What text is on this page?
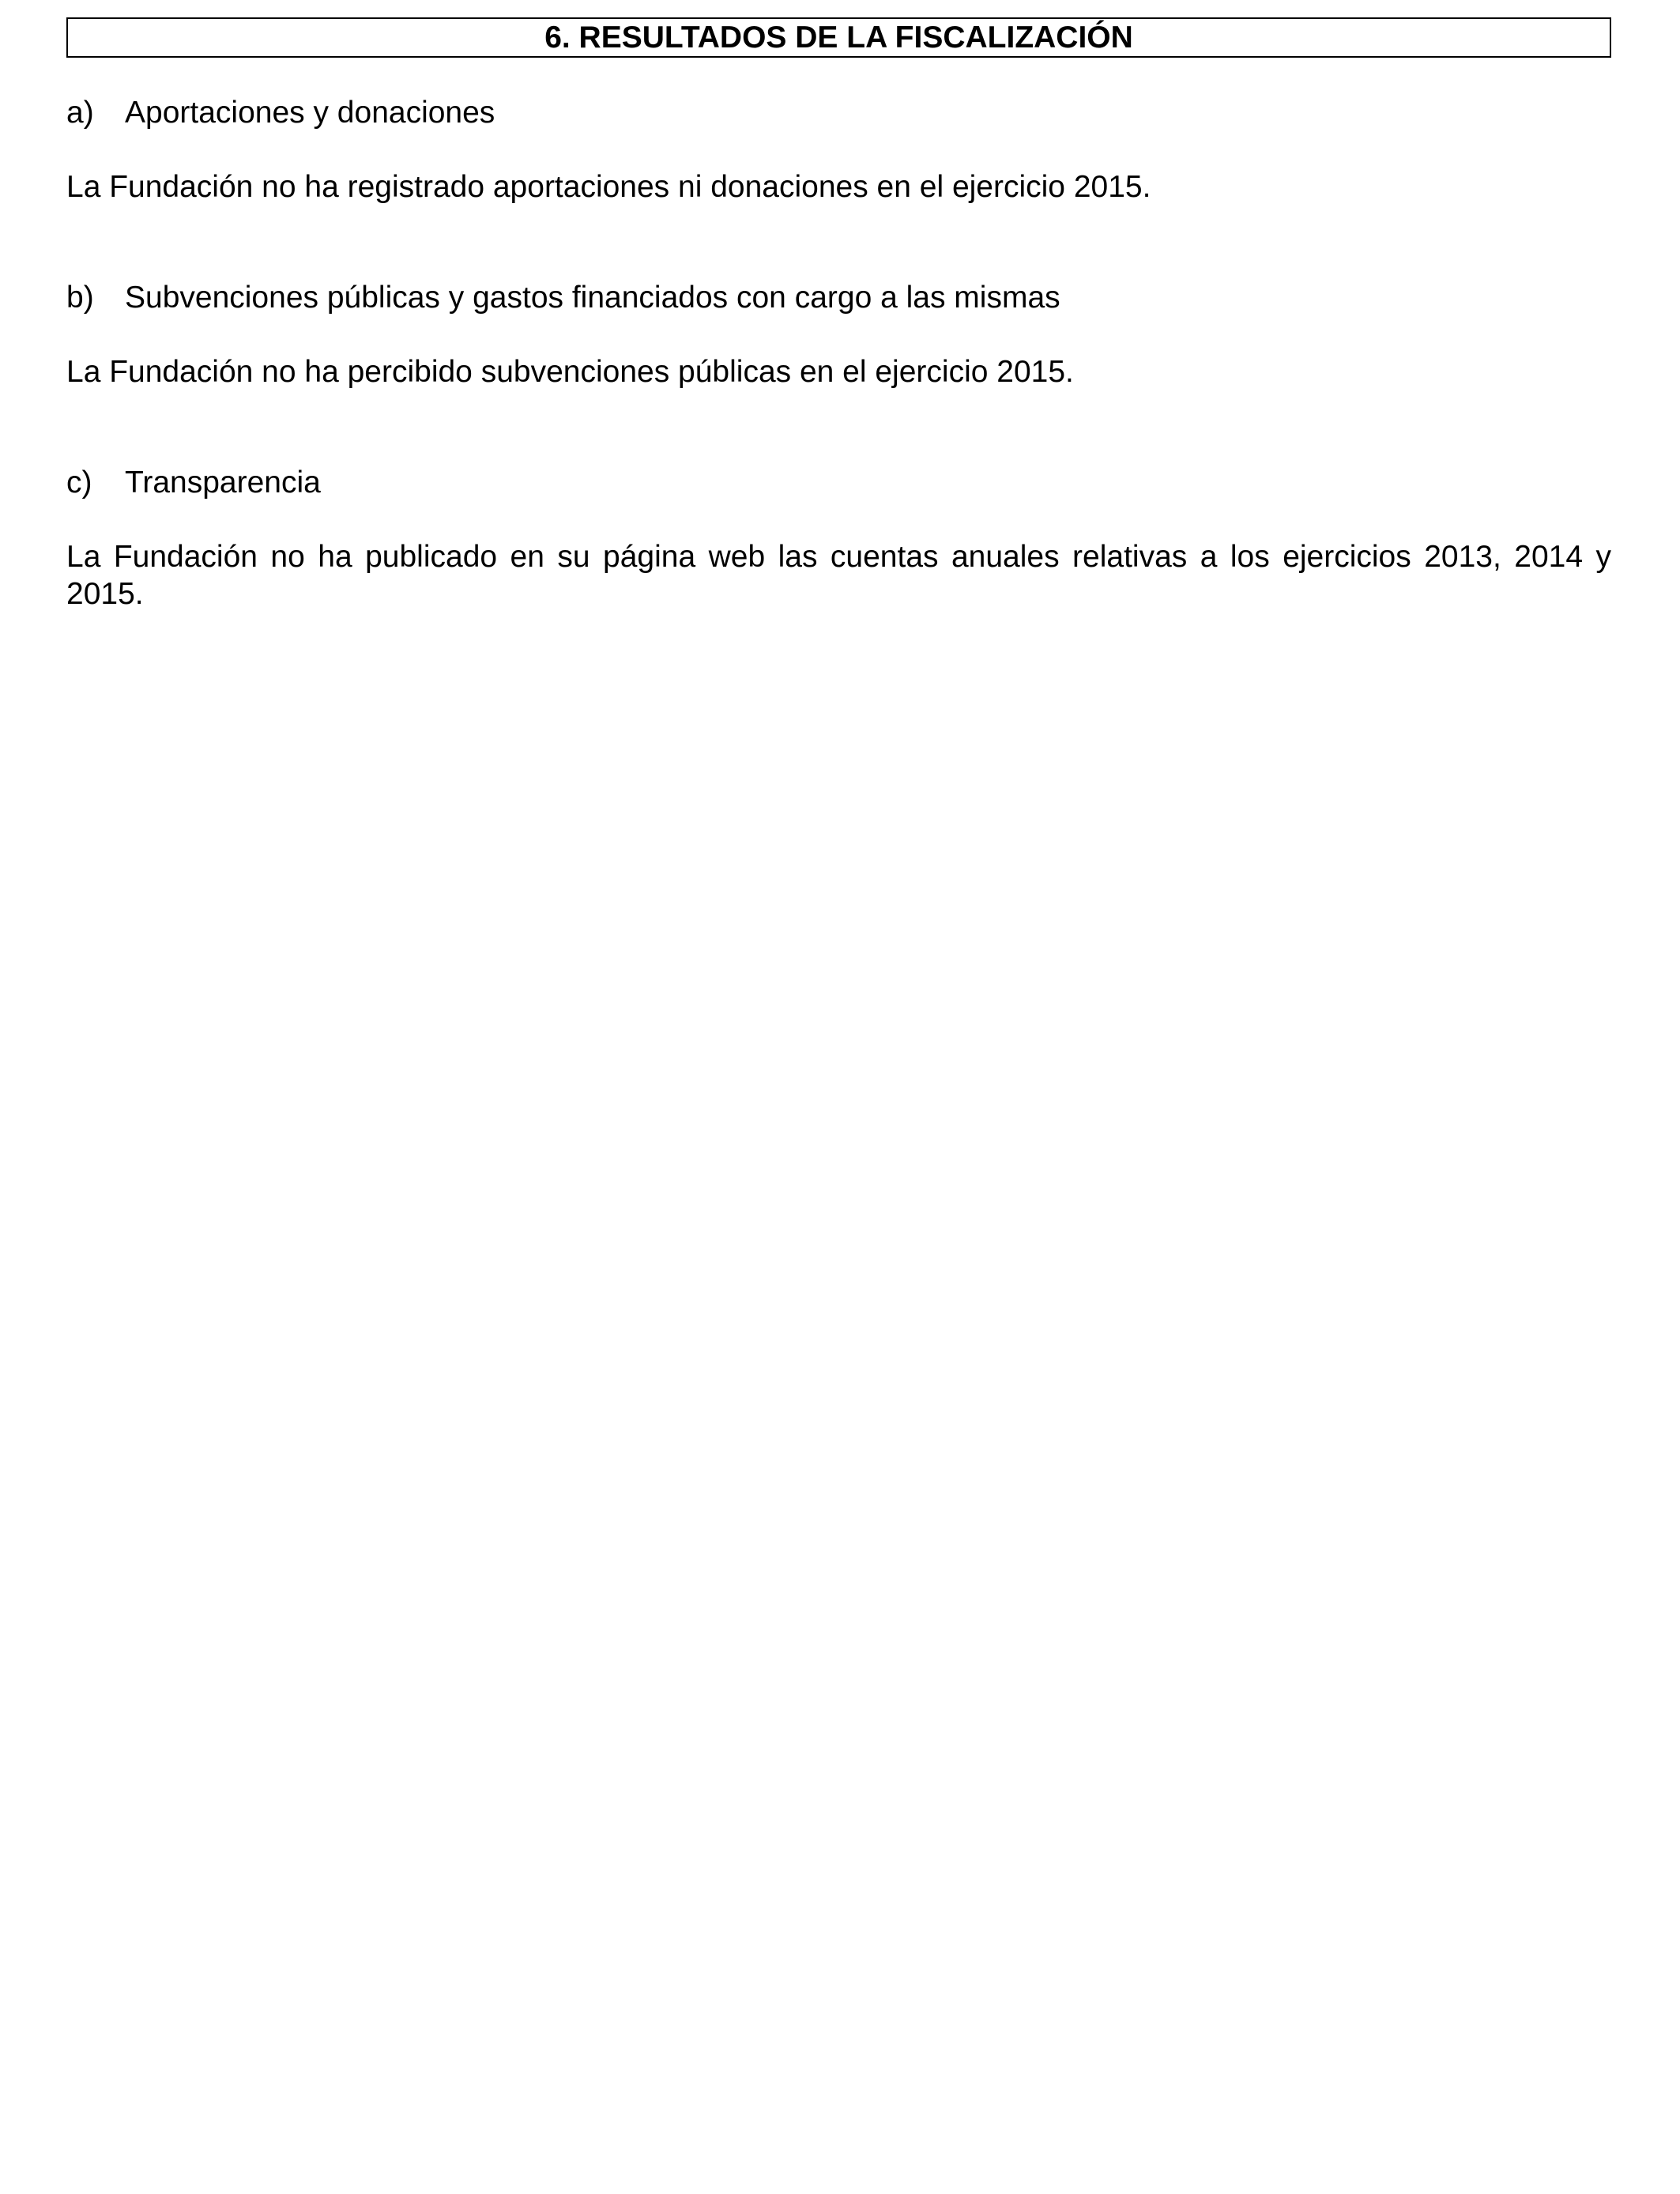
6. RESULTADOS DE LA FISCALIZACIÓN
a)	Aportaciones y donaciones

La Fundación no ha registrado aportaciones ni donaciones en el ejercicio 2015.

b)	Subvenciones públicas y gastos financiados con cargo a las mismas

La Fundación no ha percibido subvenciones públicas en el ejercicio 2015.

c)	Transparencia

La Fundación no ha publicado en su página web las cuentas anuales relativas a los ejercicios 2013, 2014 y 2015.
